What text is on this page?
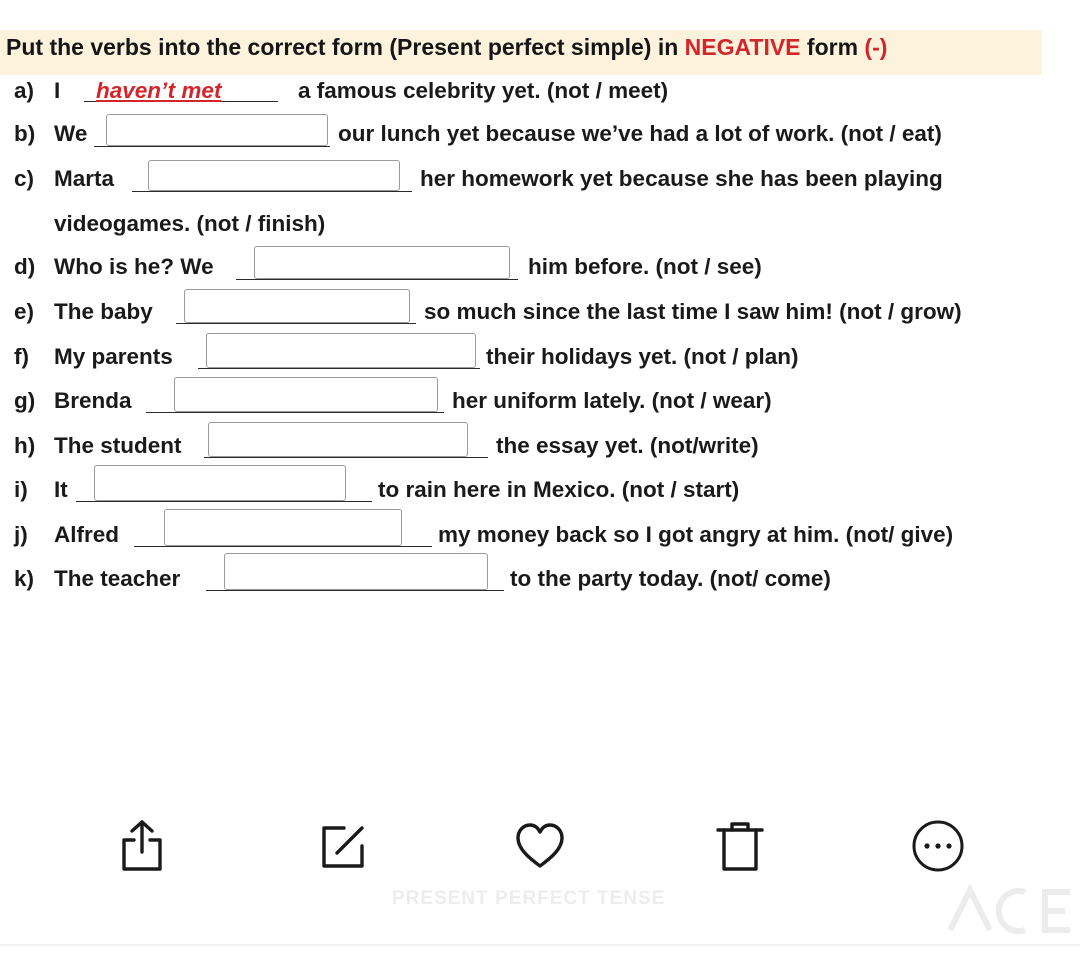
Put the verbs into the correct form (Present perfect simple) in NEGATIVE form (-)
a) I	a famous celebrity yet. (not / meet)
haven’t met
b) We	our lunch yet because we’ve had a lot of work. (not / eat)
c) Marta	her homework yet because she has been playing
videogames. (not / finish)
d) Who is he? We	him before. (not / see)
e) The baby	so much since the last time I saw him! (not / grow)
f) My parents	their holidays yet. (not / plan)
g) Brenda	her uniform lately. (not / wear)
h) The student	the essay yet. (not/write)
i) It	to rain here in Mexico. (not / start)
j) Alfred	my money back so I got angry at him. (not/ give)
k) The teacher	to the party today. (not/ come)
PRESENT PERFECT TENSE
